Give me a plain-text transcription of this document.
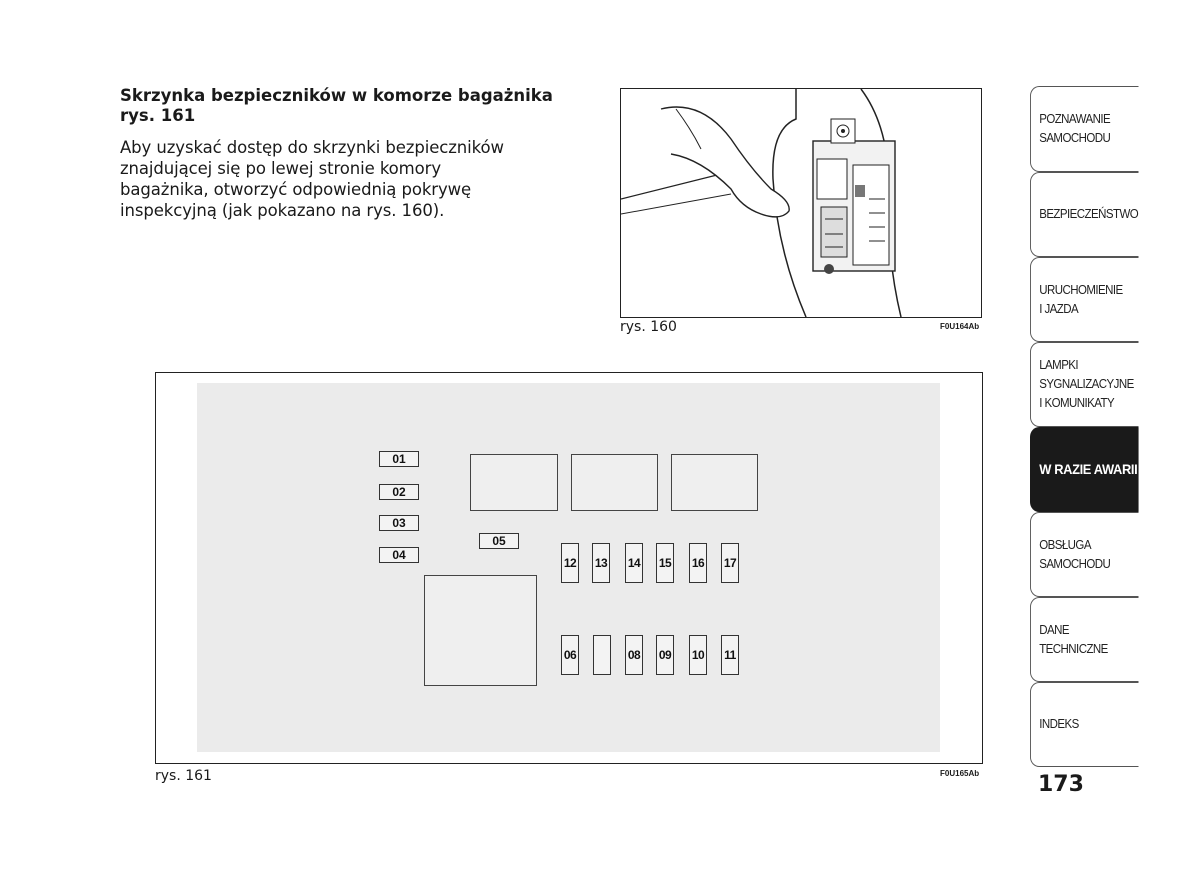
Skrzynka bezpieczników w komorze bagażnika rys. 161

Aby uzyskać dostęp do skrzynki bezpieczników znajdującej się po lewej stronie komory bagażnika, otworzyć odpowiednią pokrywę inspekcyjną (jak pokazano na rys. 160).

rys. 160	F0U164Ab
01
02
03
04
05
12 13 14 15 16 17
06	08 09 10 11
rys. 161	F0U165Ab
POZNAWANIE
SAMOCHODU
BEZPIECZEŃSTWO
URUCHOMIENIE
I JAZDA
LAMPKI
SYGNALIZACYJNE
I KOMUNIKATY
W RAZIE AWARII
OBSŁUGA
SAMOCHODU
DANE
TECHNICZNE
INDEKS
173
